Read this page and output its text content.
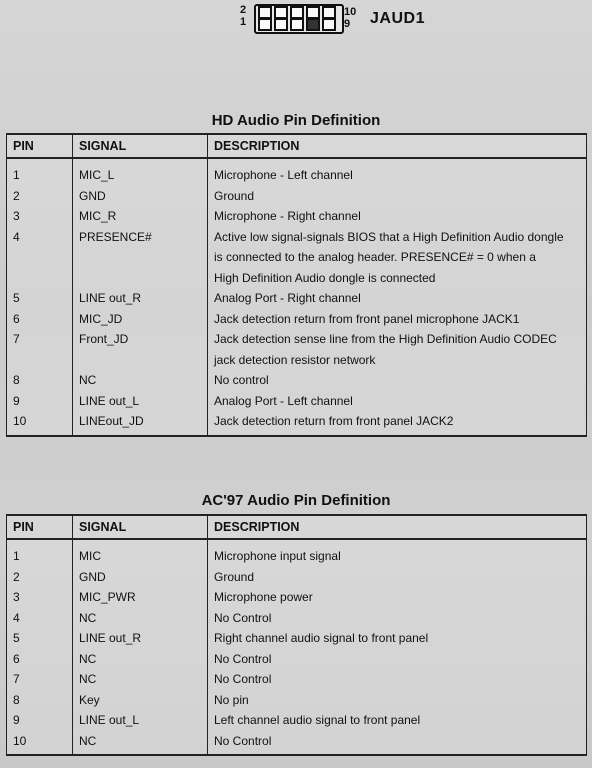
2
1
10
9	JAUD1
HD Audio Pin Definition
PIN	SIGNAL	DESCRIPTION
1	MIC_L	Microphone - Left channel

2	GND	Ground

3	MIC_R	Microphone - Right channel

4	PRESENCE#	Active low signal-signals BIOS that a High Definition Audio dongle
is connected to the analog header. PRESENCE# = 0 when a
High Definition Audio dongle is connected

5	LINE out_R	Analog Port - Right channel

6	MIC_JD	Jack detection return from front panel microphone JACK1

7	Front_JD	Jack detection sense line from the High Definition Audio CODEC
jack detection resistor network

8	NC	No control

9	LINE out_L	Analog Port - Left channel

10	LINEout_JD	Jack detection return from front panel JACK2
AC'97 Audio Pin Definition
PIN	SIGNAL	DESCRIPTION
1	MIC	Microphone input signal

2	GND	Ground

3	MIC_PWR	Microphone power

4	NC	No Control

5	LINE out_R	Right channel audio signal to front panel

6	NC	No Control

7	NC	No Control

8	Key	No pin

9	LINE out_L	Left channel audio signal to front panel

10	NC	No Control
